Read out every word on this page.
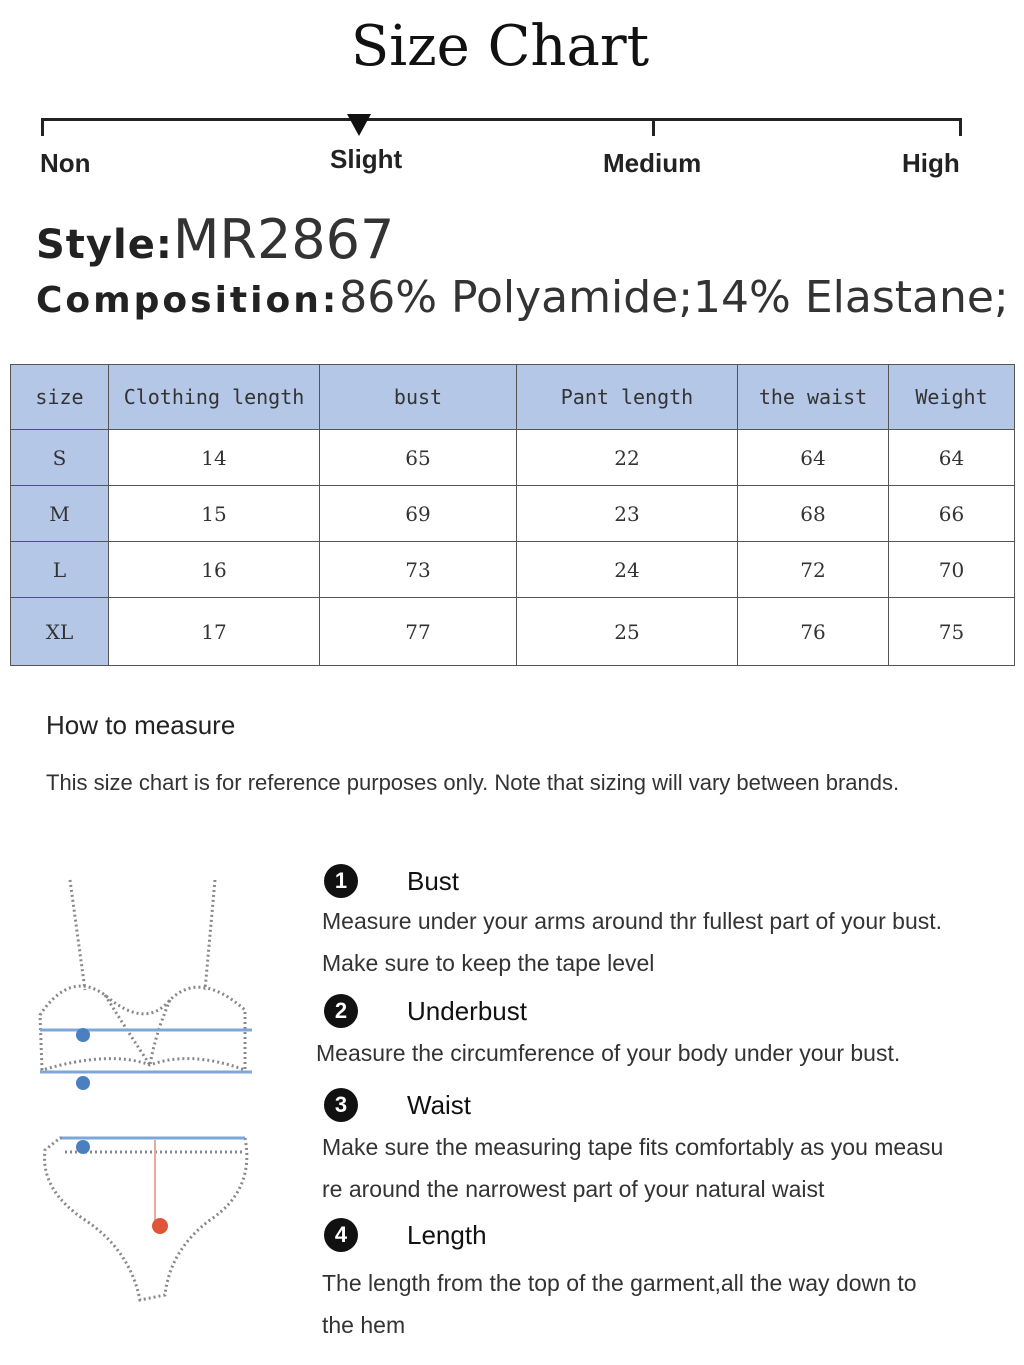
Size Chart
Non	Slight	Medium	High
Style:MR2867
Composition:86% Polyamide;14% Elastane;
size	Clothing length	bust	Pant length	the waist	Weight
S	14	65	22	64	64
M	15	69	23	68	66
L	16	73	24	72	70
XL	17	77	25	76	75
How to measure
This size chart is for reference purposes only. Note that sizing will vary between brands.
1	Bust
Measure under your arms around thr fullest part of your bust.
Make sure to keep the tape level
2	Underbust
Measure the circumference of your body under your bust.
3	Waist
Make sure the measuring tape fits comfortably as you measu
re around the narrowest part of your natural waist
4	Length
The length from the top of the garment,all the way down to
the hem
